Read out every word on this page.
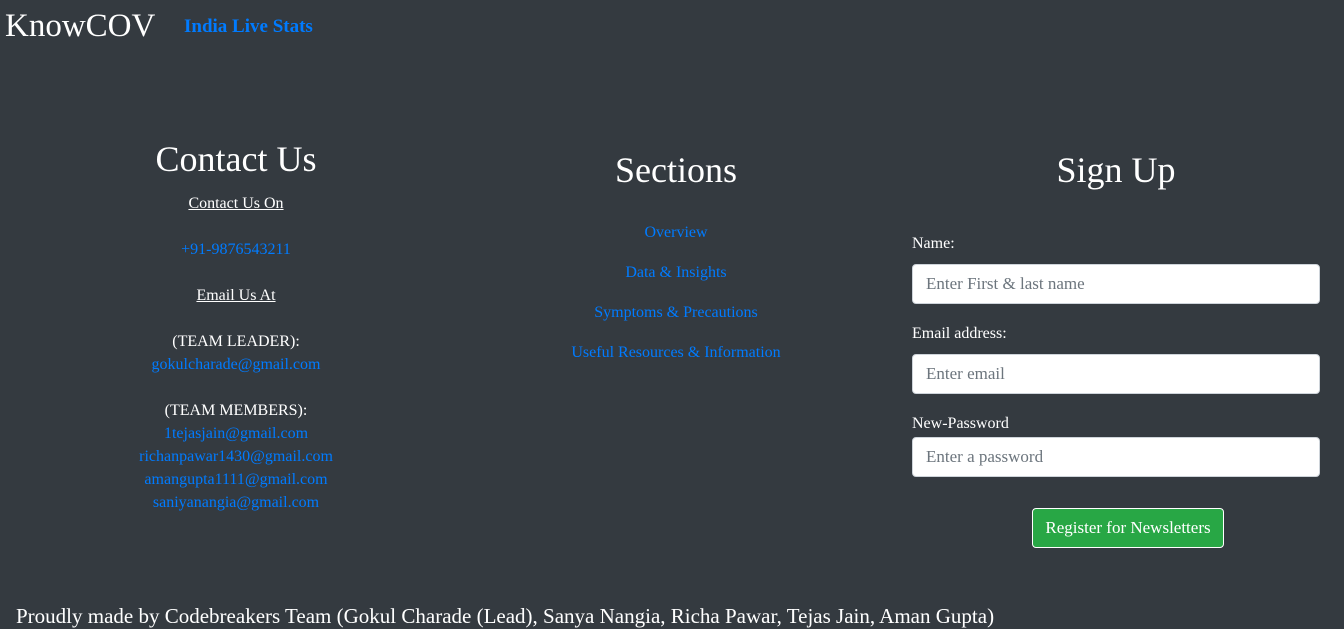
KnowCOV India Live Stats
Contact Us
Contact Us On
+91-9876543211
Email Us At
(TEAM LEADER):
gokulcharade@gmail.com
(TEAM MEMBERS):
1tejasjain@gmail.com
richanpawar1430@gmail.com
amangupta1111@gmail.com
saniyanangia@gmail.com
Sections
Overview
Data & Insights
Symptoms & Precautions
Useful Resources & Information
Sign Up
Name:
Enter First & last name
Email address:
Enter email
New-Password
Register for Newsletters
Proudly made by Codebreakers Team (Gokul Charade (Lead), Sanya Nangia, Richa Pawar, Tejas Jain, Aman Gupta)
